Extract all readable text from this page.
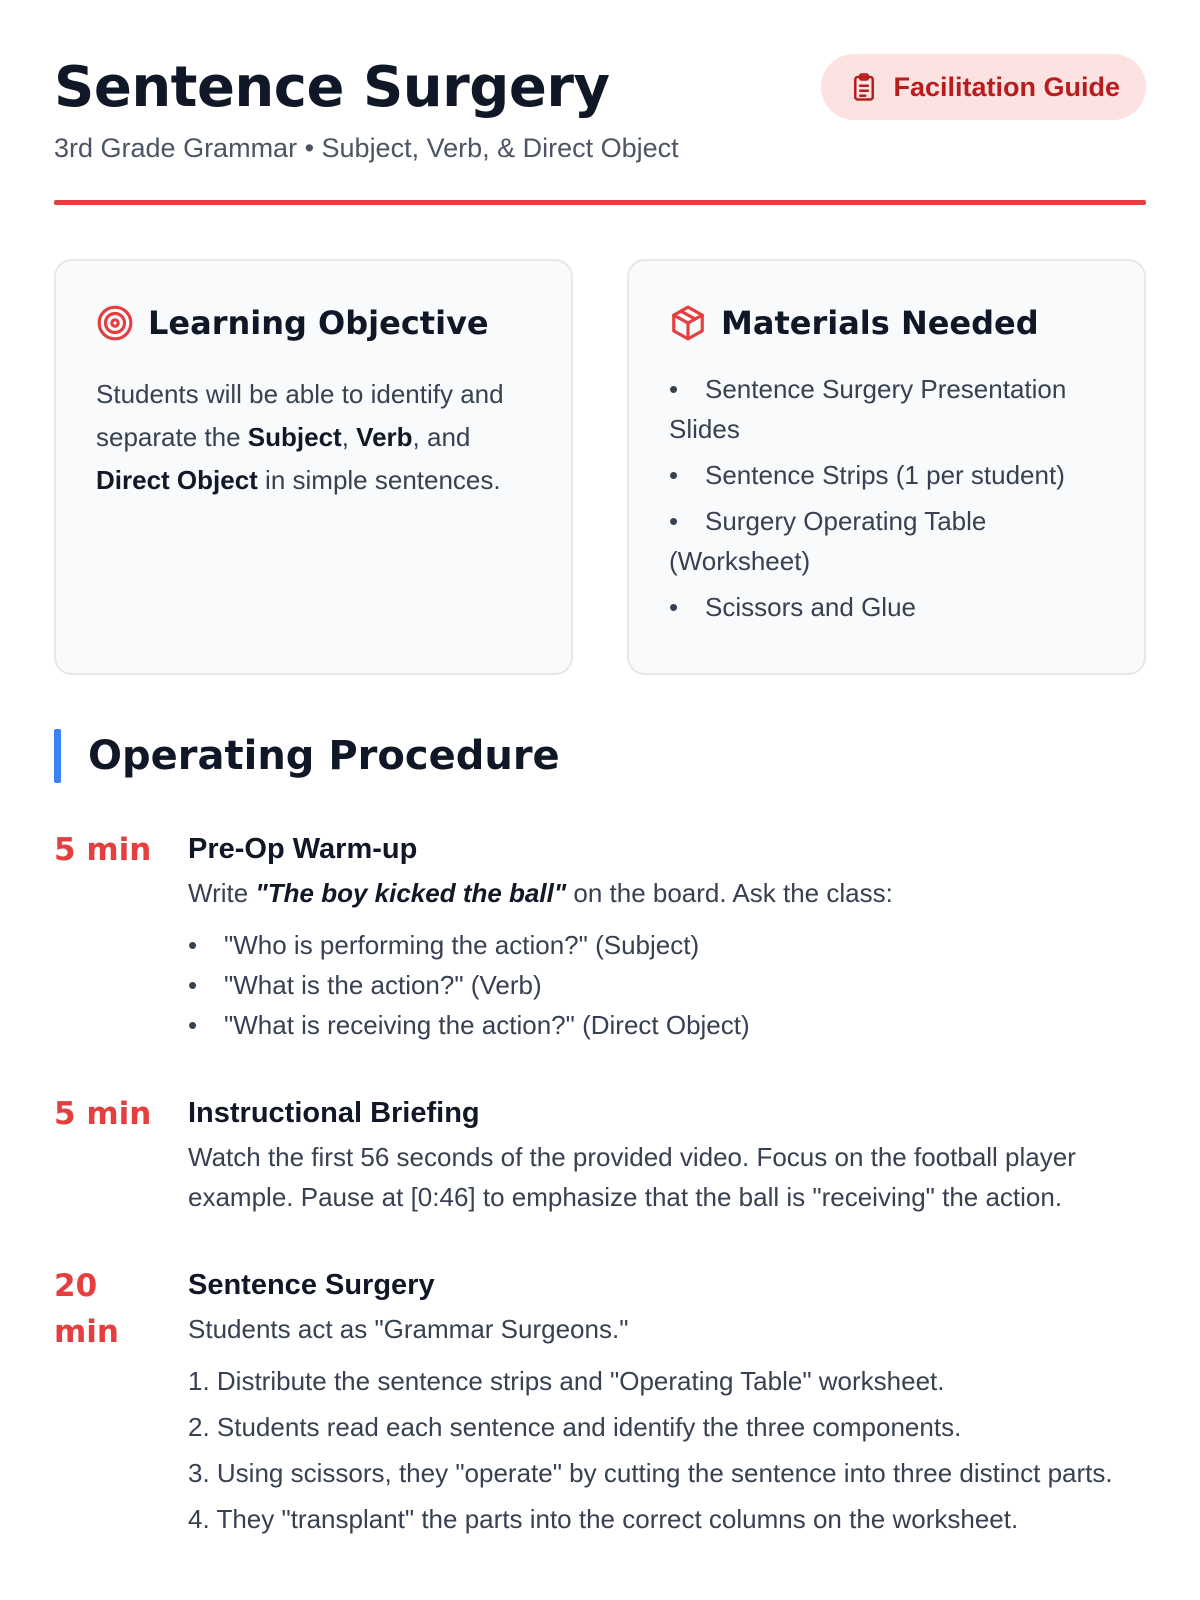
Sentence Surgery
3rd Grade Grammar • Subject, Verb, & Direct Object
Facilitation Guide
Learning Objective
Students will be able to identify and separate the Subject, Verb, and Direct Object in simple sentences.
Materials Needed
• Sentence Surgery Presentation Slides
• Sentence Strips (1 per student)
• Surgery Operating Table (Worksheet)
• Scissors and Glue
Operating Procedure
5 min	Pre-Op Warm-up
Write "The boy kicked the ball" on the board. Ask the class:
• "Who is performing the action?" (Subject)
• "What is the action?" (Verb)
• "What is receiving the action?" (Direct Object)
5 min	Instructional Briefing
Watch the first 56 seconds of the provided video. Focus on the football player example. Pause at [0:46] to emphasize that the ball is "receiving" the action.
20 min
Sentence Surgery
Students act as "Grammar Surgeons."
1. Distribute the sentence strips and "Operating Table" worksheet.
2. Students read each sentence and identify the three components.
3. Using scissors, they "operate" by cutting the sentence into three distinct parts.
4. They "transplant" the parts into the correct columns on the worksheet.
